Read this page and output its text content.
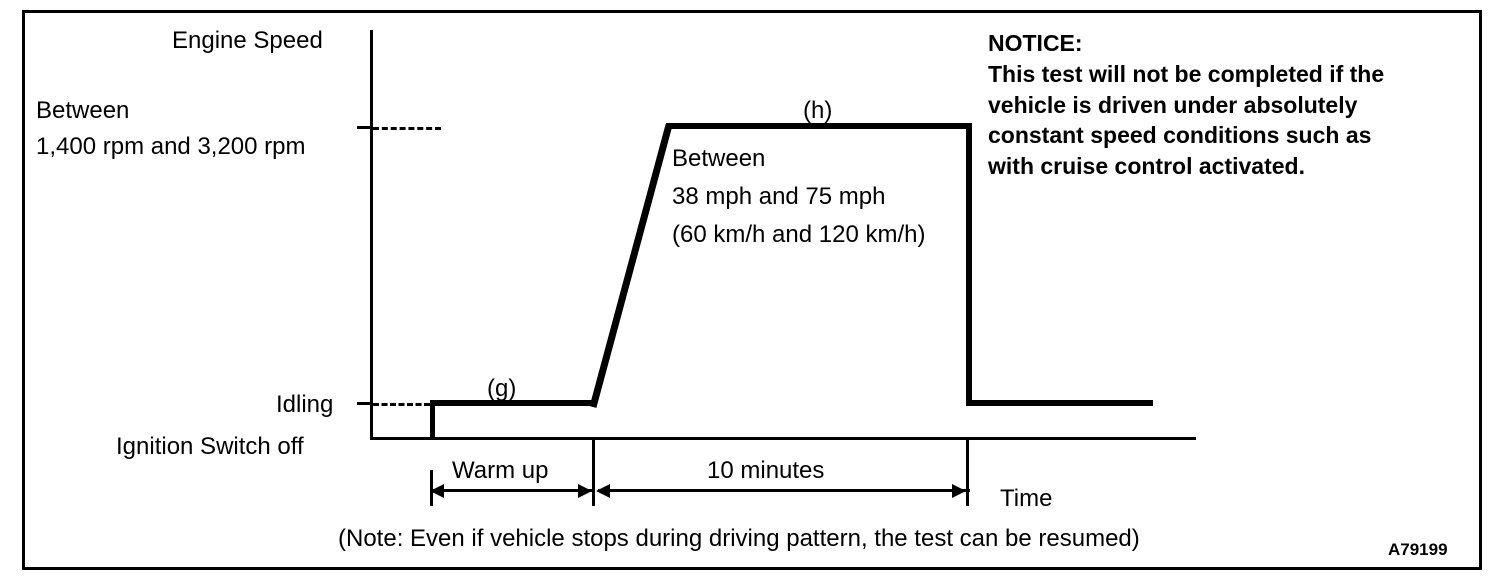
Engine Speed
Between
1,400 rpm and 3,200 rpm
Idling
Ignition Switch off
(g)
(h)
Between
38 mph and 75 mph
(60 km/h and 120 km/h)
Warm up	10 minutes
Time
(Note: Even if vehicle stops during driving pattern, the test can be resumed)
NOTICE:
This test will not be completed if the vehicle is driven under absolutely constant speed conditions such as with cruise control activated.
A79199
